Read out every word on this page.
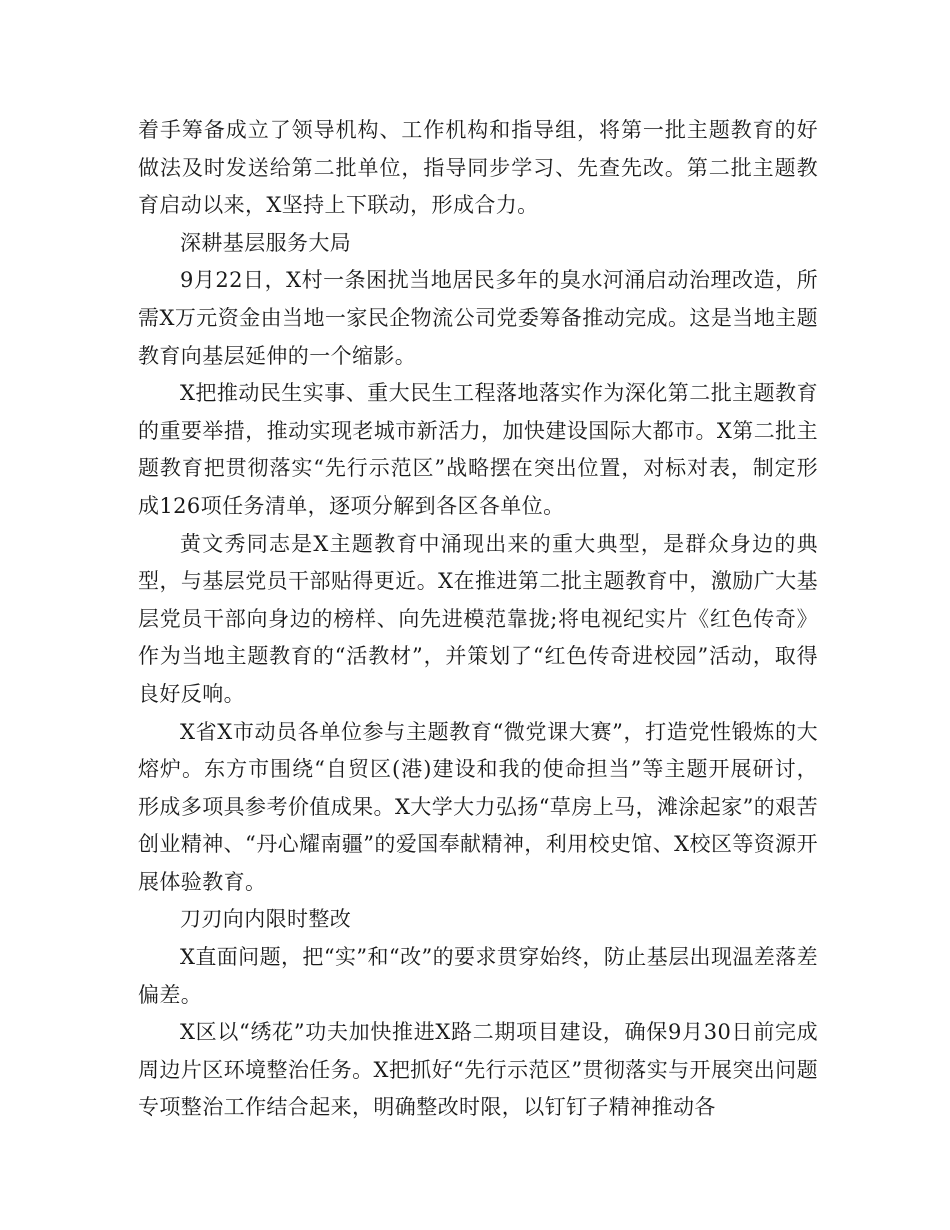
着手筹备成立了领导机构、工作机构和指导组，将第一批主题教育的好做法及时发送给第二批单位，指导同步学习、先查先改。第二批主题教育启动以来，X坚持上下联动，形成合力。

深耕基层服务大局

9月22日，X村一条困扰当地居民多年的臭水河涌启动治理改造，所需X万元资金由当地一家民企物流公司党委筹备推动完成。这是当地主题教育向基层延伸的一个缩影。

X把推动民生实事、重大民生工程落地落实作为深化第二批主题教育的重要举措，推动实现老城市新活力，加快建设国际大都市。X第二批主题教育把贯彻落实“先行示范区”战略摆在突出位置，对标对表，制定形成126项任务清单，逐项分解到各区各单位。

黄文秀同志是X主题教育中涌现出来的重大典型，是群众身边的典型，与基层党员干部贴得更近。X在推进第二批主题教育中，激励广大基层党员干部向身边的榜样、向先进模范靠拢;将电视纪实片《红色传奇》作为当地主题教育的“活教材”，并策划了“红色传奇进校园”活动，取得良好反响。

X省X市动员各单位参与主题教育“微党课大赛”，打造党性锻炼的大熔炉。东方市围绕“自贸区(港)建设和我的使命担当”等主题开展研讨，形成多项具参考价值成果。X大学大力弘扬“草房上马，滩涂起家”的艰苦创业精神、“丹心耀南疆”的爱国奉献精神，利用校史馆、X校区等资源开展体验教育。

刀刃向内限时整改

X直面问题，把“实”和“改”的要求贯穿始终，防止基层出现温差落差偏差。

X区以“绣花”功夫加快推进X路二期项目建设，确保9月30日前完成周边片区环境整治任务。X把抓好“先行示范区”贯彻落实与开展突出问题专项整治工作结合起来，明确整改时限，以钉钉子精神推动各
